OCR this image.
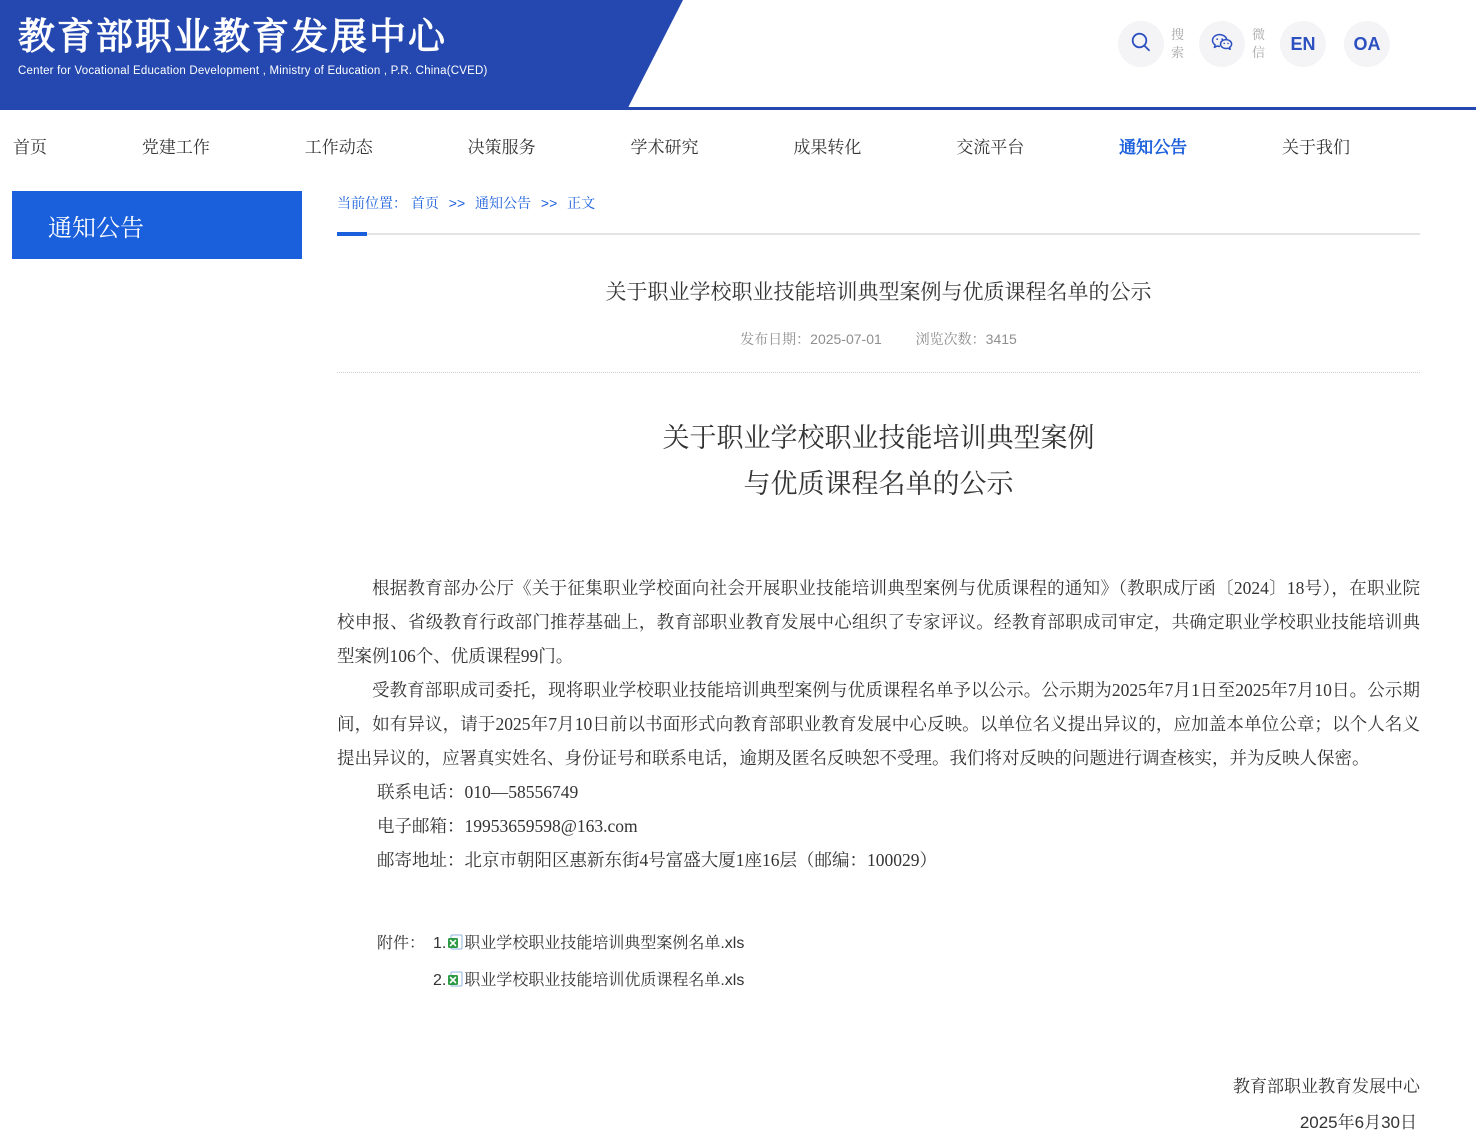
教育部职业教育发展中心
Center for Vocational Education Development , Ministry of Education , P.R. China(CVED)
搜索
微信 EN OA
首页	党建工作	工作动态	决策服务	学术研究	成果转化	交流平台	通知公告	关于我们
通知公告
当前位置： 首页 >> 通知公告 >> 正文
关于职业学校职业技能培训典型案例与优质课程名单的公示
发布日期：2025-07-01 浏览次数：3415
关于职业学校职业技能培训典型案例
与优质课程名单的公示

根据教育部办公厅《关于征集职业学校面向社会开展职业技能培训典型案例与优质课程的通知》（教职成厅函〔2024〕18号），在职业院校申报、省级教育行政部门推荐基础上，教育部职业教育发展中心组织了专家评议。经教育部职成司审定，共确定职业学校职业技能培训典型案例106个、优质课程99门。

受教育部职成司委托，现将职业学校职业技能培训典型案例与优质课程名单予以公示。公示期为2025年7月1日至2025年7月10日。公示期间，如有异议，请于2025年7月10日前以书面形式向教育部职业教育发展中心反映。以单位名义提出异议的，应加盖本单位公章；以个人名义提出异议的，应署真实姓名、身份证号和联系电话，逾期及匿名反映恕不受理。我们将对反映的问题进行调查核实，并为反映人保密。

联系电话：010—58556749
电子邮箱：19953659598@163.com
邮寄地址：北京市朝阳区惠新东街4号富盛大厦1座16层（邮编：100029）
附件： 1. 职业学校职业技能培训典型案例名单.xls
2. 职业学校职业技能培训优质课程名单.xls
教育部职业教育发展中心
2025年6月30日
